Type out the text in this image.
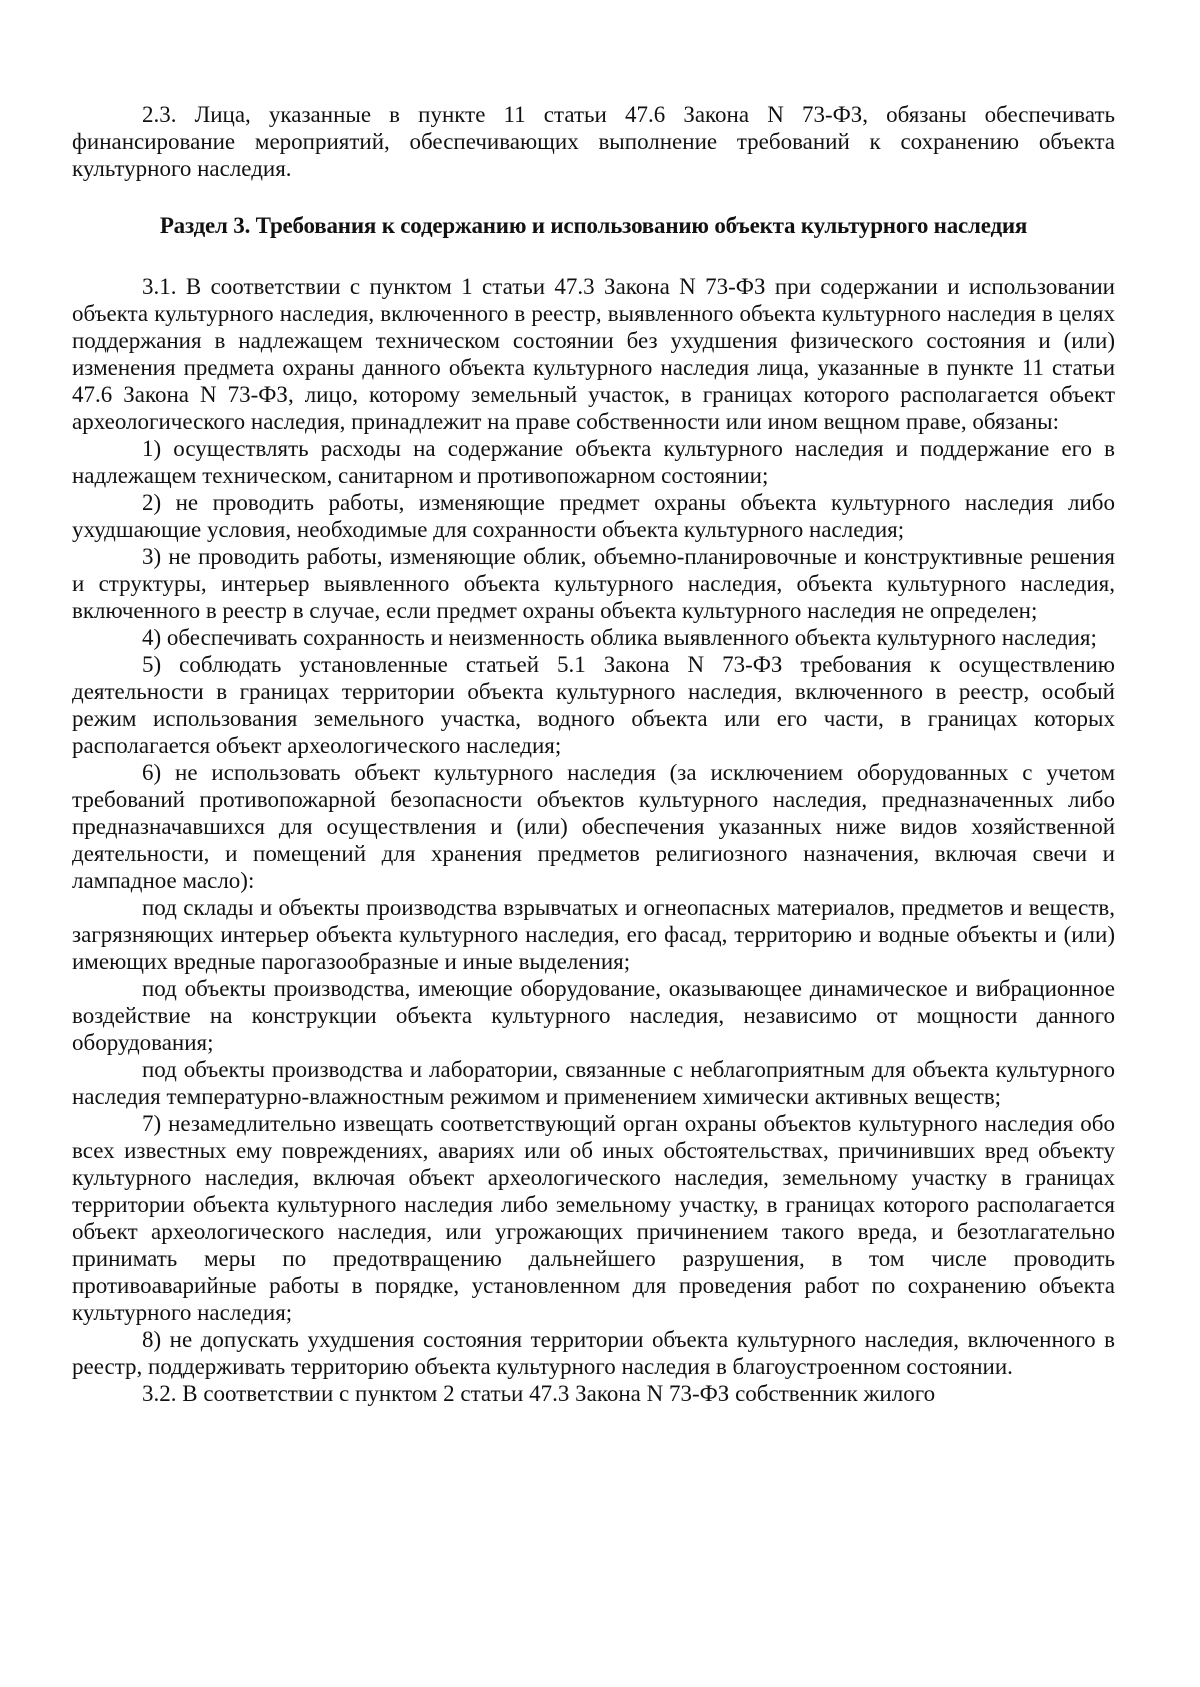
2.3. Лица, указанные в пункте 11 статьи 47.6 Закона N 73-ФЗ, обязаны обеспечивать финансирование мероприятий, обеспечивающих выполнение требований к сохранению объекта культурного наследия.

Раздел 3. Требования к содержанию и использованию объекта культурного наследия

3.1. В соответствии с пунктом 1 статьи 47.3 Закона N 73-ФЗ при содержании и использовании объекта культурного наследия, включенного в реестр, выявленного объекта культурного наследия в целях поддержания в надлежащем техническом состоянии без ухудшения физического состояния и (или) изменения предмета охраны данного объекта культурного наследия лица, указанные в пункте 11 статьи 47.6 Закона N 73-ФЗ, лицо, которому земельный участок, в границах которого располагается объект археологического наследия, принадлежит на праве собственности или ином вещном праве, обязаны:

1) осуществлять расходы на содержание объекта культурного наследия и поддержание его в надлежащем техническом, санитарном и противопожарном состоянии;

2) не проводить работы, изменяющие предмет охраны объекта культурного наследия либо ухудшающие условия, необходимые для сохранности объекта культурного наследия;

3) не проводить работы, изменяющие облик, объемно-планировочные и конструктивные решения и структуры, интерьер выявленного объекта культурного наследия, объекта культурного наследия, включенного в реестр в случае, если предмет охраны объекта культурного наследия не определен;

4) обеспечивать сохранность и неизменность облика выявленного объекта культурного наследия;

5) соблюдать установленные статьей 5.1 Закона N 73-ФЗ требования к осуществлению деятельности в границах территории объекта культурного наследия, включенного в реестр, особый режим использования земельного участка, водного объекта или его части, в границах которых располагается объект археологического наследия;

6) не использовать объект культурного наследия (за исключением оборудованных с учетом требований противопожарной безопасности объектов культурного наследия, предназначенных либо предназначавшихся для осуществления и (или) обеспечения указанных ниже видов хозяйственной деятельности, и помещений для хранения предметов религиозного назначения, включая свечи и лампадное масло):

под склады и объекты производства взрывчатых и огнеопасных материалов, предметов и веществ, загрязняющих интерьер объекта культурного наследия, его фасад, территорию и водные объекты и (или) имеющих вредные парогазообразные и иные выделения;

под объекты производства, имеющие оборудование, оказывающее динамическое и вибрационное воздействие на конструкции объекта культурного наследия, независимо от мощности данного оборудования;

под объекты производства и лаборатории, связанные с неблагоприятным для объекта культурного наследия температурно-влажностным режимом и применением химически активных веществ;

7) незамедлительно извещать соответствующий орган охраны объектов культурного наследия обо всех известных ему повреждениях, авариях или об иных обстоятельствах, причинивших вред объекту культурного наследия, включая объект археологического наследия, земельному участку в границах территории объекта культурного наследия либо земельному участку, в границах которого располагается объект археологического наследия, или угрожающих причинением такого вреда, и безотлагательно принимать меры по предотвращению дальнейшего разрушения, в том числе проводить противоаварийные работы в порядке, установленном для проведения работ по сохранению объекта культурного наследия;

8) не допускать ухудшения состояния территории объекта культурного наследия, включенного в реестр, поддерживать территорию объекта культурного наследия в благоустроенном состоянии.

3.2. В соответствии с пунктом 2 статьи 47.3 Закона N 73-ФЗ собственник жилого
